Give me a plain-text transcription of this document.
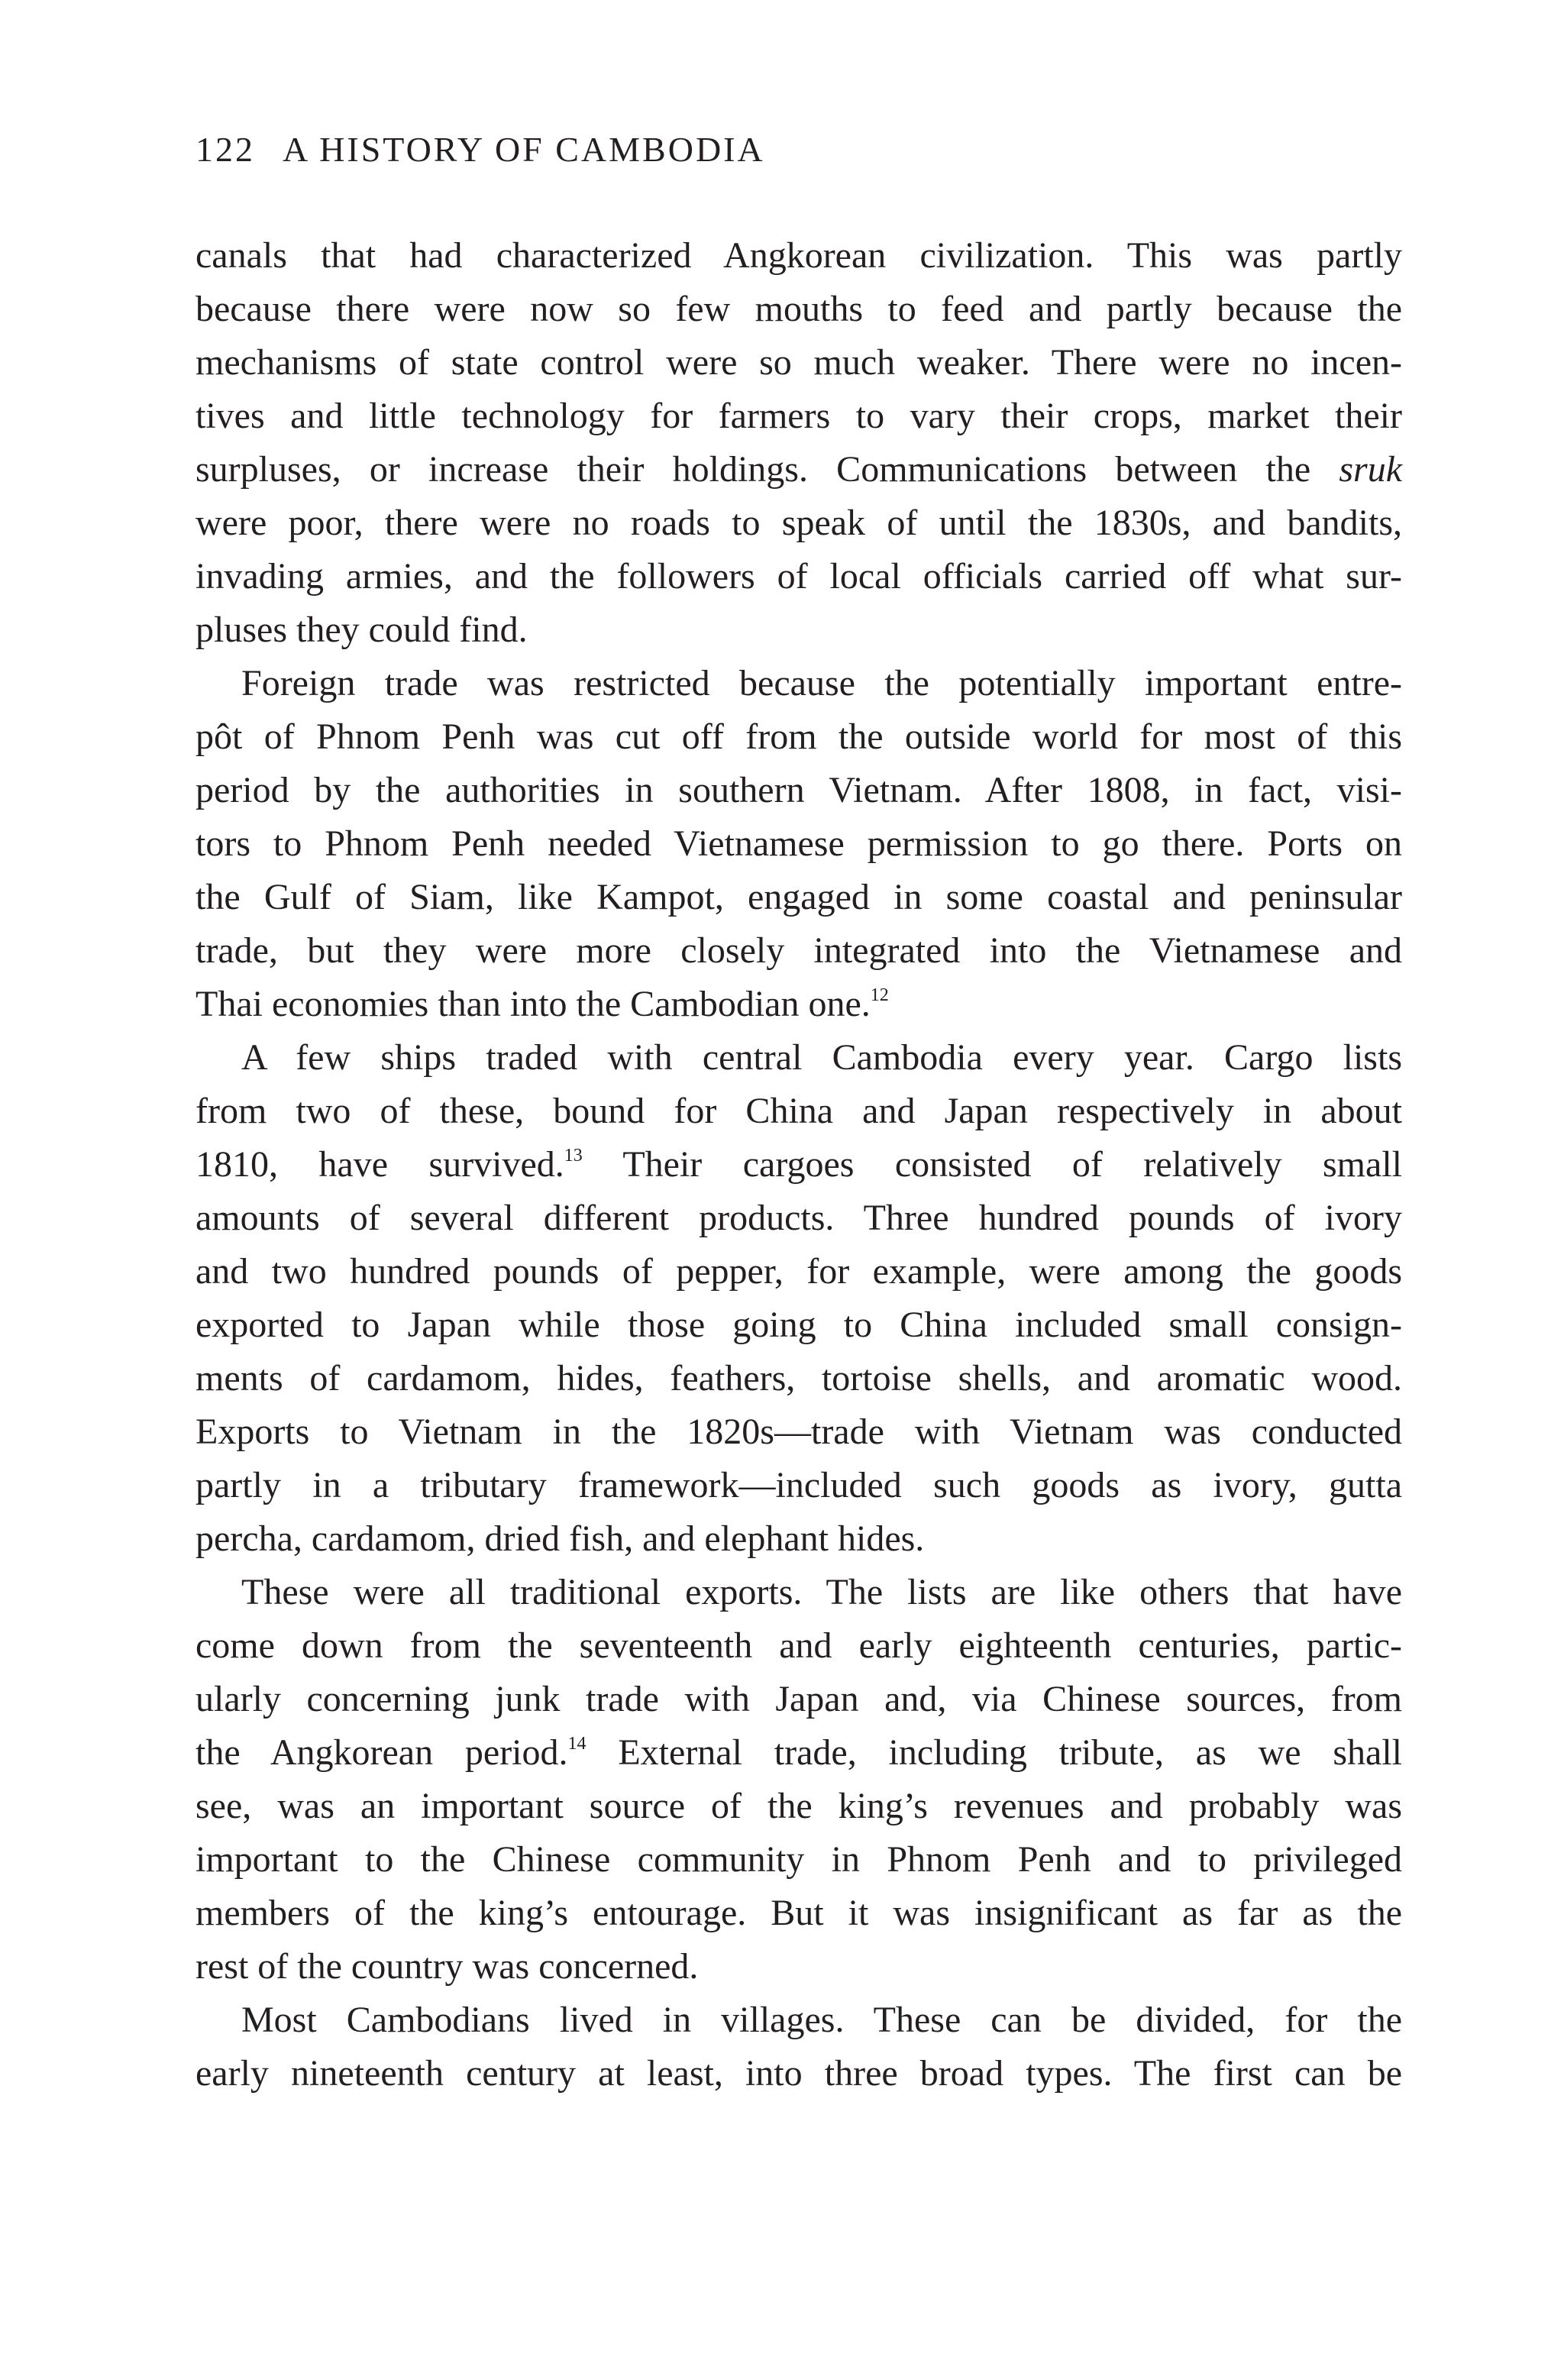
122 A HISTORY OF CAMBODIA
canals that had characterized Angkorean civilization. This was partly
because there were now so few mouths to feed and partly because the
mechanisms of state control were so much weaker. There were no incen-
tives and little technology for farmers to vary their crops, market their
surpluses, or increase their holdings. Communications between the sruk
were poor, there were no roads to speak of until the 1830s, and bandits,
invading armies, and the followers of local officials carried off what sur-
pluses they could find.
Foreign trade was restricted because the potentially important entre-
pôt of Phnom Penh was cut off from the outside world for most of this
period by the authorities in southern Vietnam. After 1808, in fact, visi-
tors to Phnom Penh needed Vietnamese permission to go there. Ports on
the Gulf of Siam, like Kampot, engaged in some coastal and peninsular
trade, but they were more closely integrated into the Vietnamese and
Thai economies than into the Cambodian one.$^{12}$
A few ships traded with central Cambodia every year. Cargo lists
from two of these, bound for China and Japan respectively in about
1810, have survived.$^{13}$ Their cargoes consisted of relatively small
amounts of several different products. Three hundred pounds of ivory
and two hundred pounds of pepper, for example, were among the goods
exported to Japan while those going to China included small consign-
ments of cardamom, hides, feathers, tortoise shells, and aromatic wood.
Exports to Vietnam in the 1820s—trade with Vietnam was conducted
partly in a tributary framework—included such goods as ivory, gutta
percha, cardamom, dried fish, and elephant hides.
These were all traditional exports. The lists are like others that have
come down from the seventeenth and early eighteenth centuries, partic-
ularly concerning junk trade with Japan and, via Chinese sources, from
the Angkorean period.$^{14}$ External trade, including tribute, as we shall
see, was an important source of the king’s revenues and probably was
important to the Chinese community in Phnom Penh and to privileged
members of the king’s entourage. But it was insignificant as far as the
rest of the country was concerned.
Most Cambodians lived in villages. These can be divided, for the
early nineteenth century at least, into three broad types. The first can be
